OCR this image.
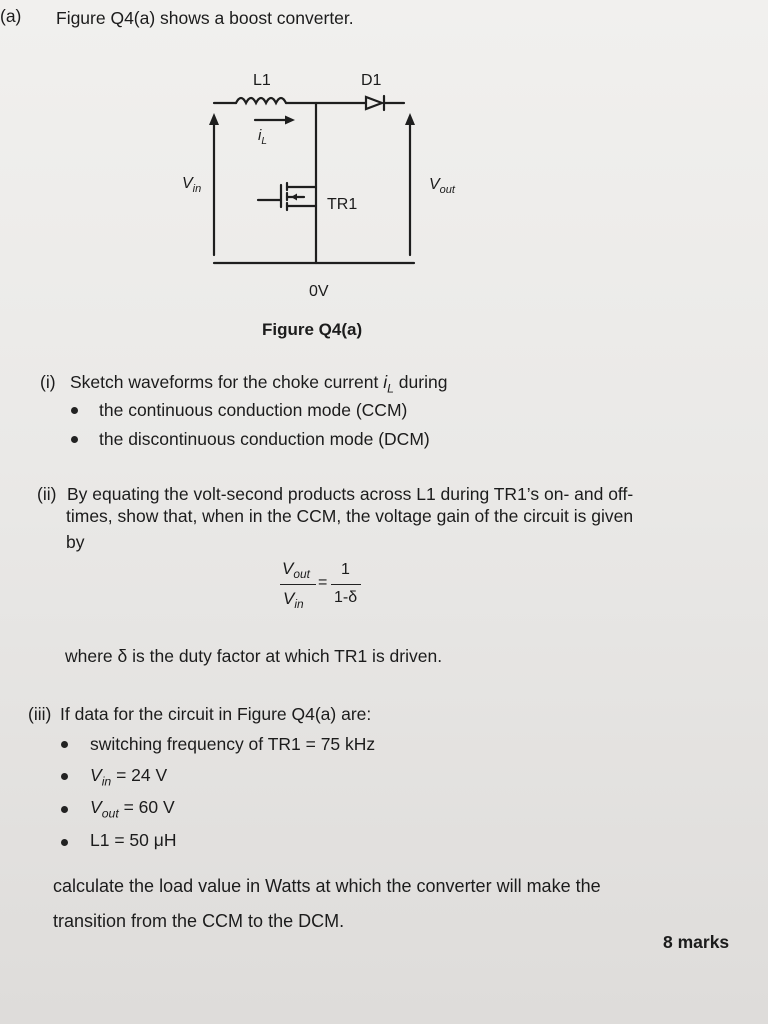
(a) Figure Q4(a) shows a boost converter.
L1	D1
$i_L$
$V_{in}$	$V_{out}$
TR1
0V
Figure Q4(a)
(i) Sketch waveforms for the choke current $i_L$ during
the continuous conduction mode (CCM)
the discontinuous conduction mode (DCM)
(ii) By equating the volt-second products across L1 during TR1’s on- and off-
times, show that, when in the CCM, the voltage gain of the circuit is given
by
$V_{out}$
$V_{in}$
=
1
1-δ
where δ is the duty factor at which TR1 is driven.
(iii) If data for the circuit in Figure Q4(a) are:
switching frequency of TR1 = 75 kHz
$V_{in} = 24$ V
$V_{out} = 60$ V
L1 = 50 μH
calculate the load value in Watts at which the converter will make the
transition from the CCM to the DCM.
8 marks
